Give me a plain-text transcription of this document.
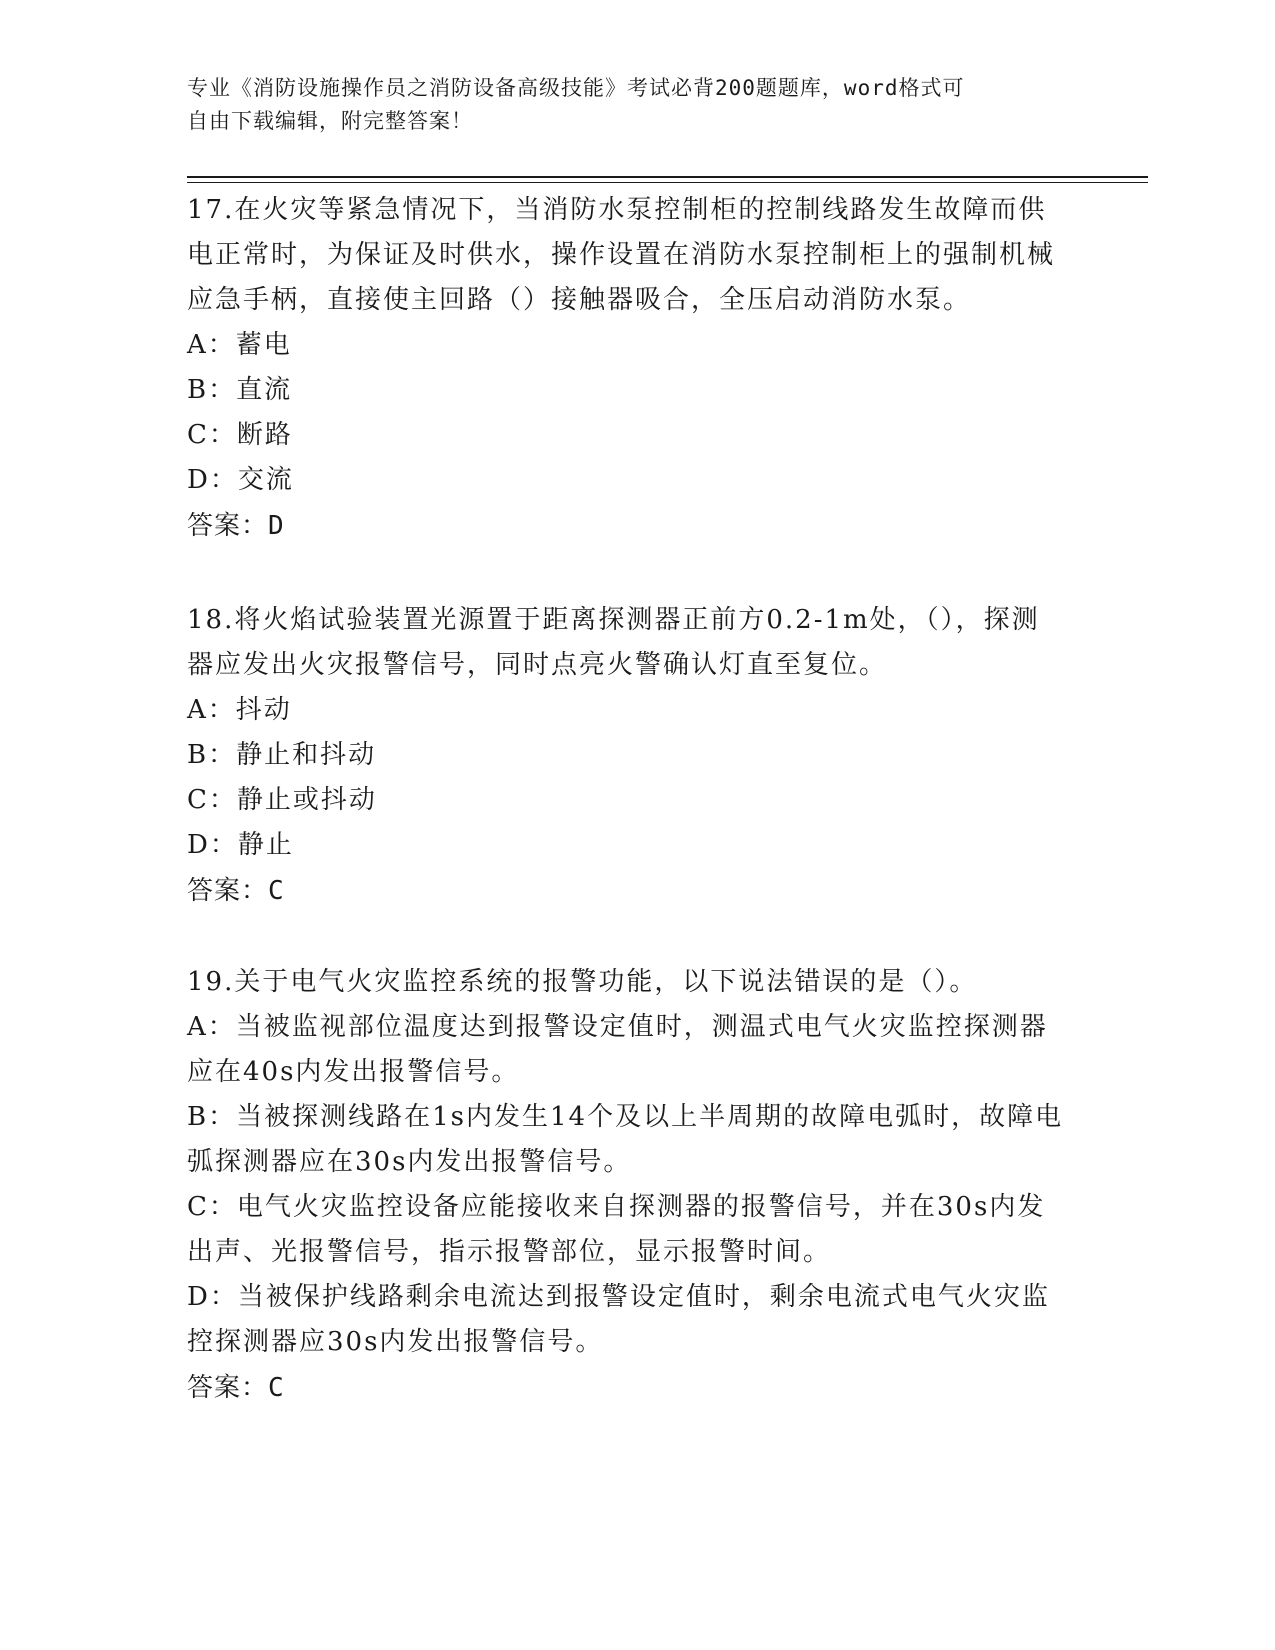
专业《消防设施操作员之消防设备高级技能》考试必背200题题库，word格式可
自由下载编辑，附完整答案！

17.在火灾等紧急情况下，当消防水泵控制柜的控制线路发生故障而供电正常时，为保证及时供水，操作设置在消防水泵控制柜上的强制机械应急手柄，直接使主回路（）接触器吸合，全压启动消防水泵。

A：蓄电

B：直流

C：断路

D：交流

答案：D

18.将火焰试验装置光源置于距离探测器正前方0.2-1m处，（），探测器应发出火灾报警信号，同时点亮火警确认灯直至复位。

A：抖动

B：静止和抖动

C：静止或抖动

D：静止

答案：C

19.关于电气火灾监控系统的报警功能，以下说法错误的是（）。

A：当被监视部位温度达到报警设定值时，测温式电气火灾监控探测器应在40s内发出报警信号。

B：当被探测线路在1s内发生14个及以上半周期的故障电弧时，故障电弧探测器应在30s内发出报警信号。

C：电气火灾监控设备应能接收来自探测器的报警信号，并在30s内发出声、光报警信号，指示报警部位，显示报警时间。

D：当被保护线路剩余电流达到报警设定值时，剩余电流式电气火灾监控探测器应30s内发出报警信号。

答案：C
